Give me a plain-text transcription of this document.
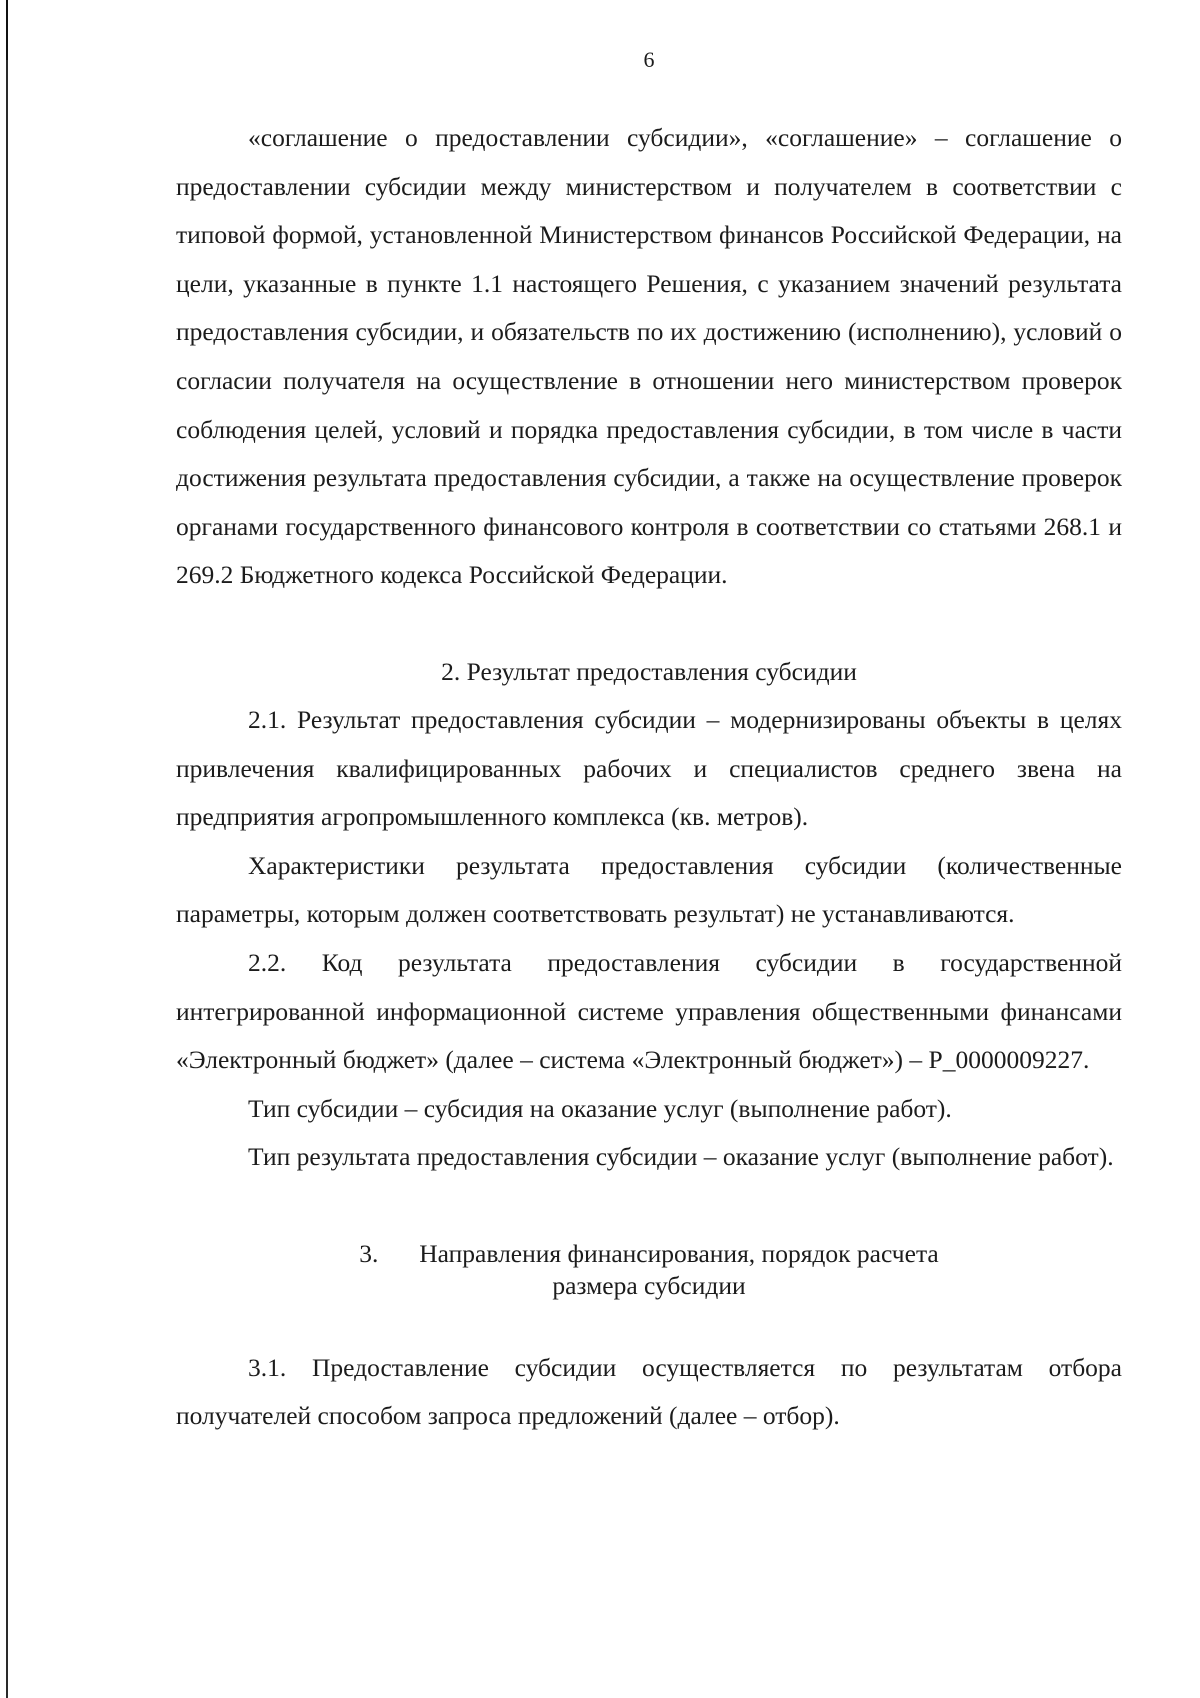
6

«соглашение о предоставлении субсидии», «соглашение» – соглашение о предоставлении субсидии между министерством и получателем в соответствии с типовой формой, установленной Министерством финансов Российской Федерации, на цели, указанные в пункте 1.1 настоящего Решения, с указанием значений результата предоставления субсидии, и обязательств по их достижению (исполнению), условий о согласии получателя на осуществление в отношении него министерством проверок соблюдения целей, условий и порядка предоставления субсидии, в том числе в части достижения результата предоставления субсидии, а также на осуществление проверок органами государственного финансового контроля в соответствии со статьями 268.1 и 269.2 Бюджетного кодекса Российской Федерации.

2. Результат предоставления субсидии

2.1. Результат предоставления субсидии – модернизированы объекты в целях привлечения квалифицированных рабочих и специалистов среднего звена на предприятия агропромышленного комплекса (кв. метров).

Характеристики результата предоставления субсидии (количественные параметры, которым должен соответствовать результат) не устанавливаются.

2.2. Код результата предоставления субсидии в государственной интегрированной информационной системе управления общественными финансами «Электронный бюджет» (далее – система «Электронный бюджет») – Р_0000009227.

Тип субсидии – субсидия на оказание услуг (выполнение работ).

Тип результата предоставления субсидии – оказание услуг (выполнение работ).

3. Направления финансирования, порядок расчета
размера субсидии

3.1. Предоставление субсидии осуществляется по результатам отбора получателей способом запроса предложений (далее – отбор).
